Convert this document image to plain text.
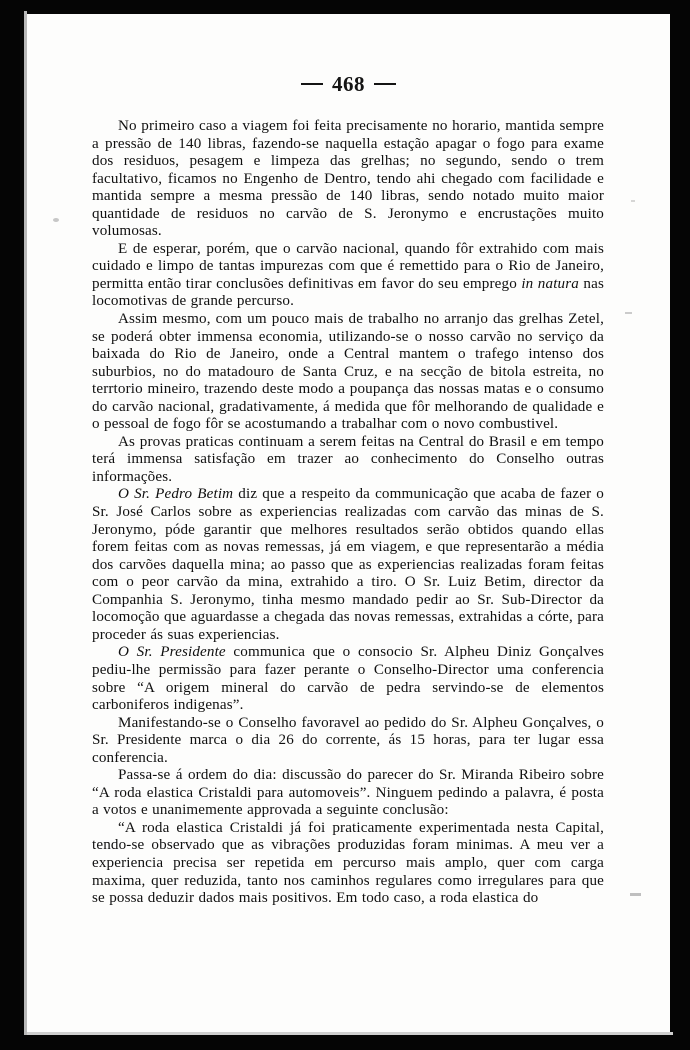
468

No primeiro caso a viagem foi feita precisamente no horario, mantida sempre a pressão de 140 libras, fazendo-se naquella estação apagar o fogo para exame dos residuos, pesagem e limpeza das grelhas; no segundo, sendo o trem facultativo, ficamos no Engenho de Dentro, tendo ahi chegado com facilidade e mantida sempre a mesma pressão de 140 libras, sendo notado muito maior quantidade de residuos no carvão de S. Jeronymo e encrustações muito volumosas.

E de esperar, porém, que o carvão nacional, quando fôr extrahido com mais cuidado e limpo de tantas impurezas com que é remettido para o Rio de Janeiro, permitta então tirar conclusões definitivas em favor do seu emprego in natura nas locomotivas de grande percurso.

Assim mesmo, com um pouco mais de trabalho no arranjo das grelhas Zetel, se poderá obter immensa economia, utilizando-se o nosso carvão no serviço da baixada do Rio de Janeiro, onde a Central mantem o trafego intenso dos suburbios, no do matadouro de Santa Cruz, e na secção de bitola estreita, no terrtorio mineiro, trazendo deste modo a poupança das nossas matas e o consumo do carvão nacional, gradativamente, á medida que fôr melhorando de qualidade e o pessoal de fogo fôr se acostumando a trabalhar com o novo combustivel.

As provas praticas continuam a serem feitas na Central do Brasil e em tempo terá immensa satisfação em trazer ao conhecimento do Conselho outras informações.

O Sr. Pedro Betim diz que a respeito da communicação que acaba de fazer o Sr. José Carlos sobre as experiencias realizadas com carvão das minas de S. Jeronymo, póde garantir que melhores resultados serão obtidos quando ellas forem feitas com as novas remessas, já em viagem, e que representarão a média dos carvões daquella mina; ao passo que as experiencias realizadas foram feitas com o peor carvão da mina, extrahido a tiro. O Sr. Luiz Betim, director da Companhia S. Jeronymo, tinha mesmo mandado pedir ao Sr. Sub-Director da locomoção que aguardasse a chegada das novas remessas, extrahidas a córte, para proceder ás suas experiencias.

O Sr. Presidente communica que o consocio Sr. Alpheu Diniz Gonçalves pediu-lhe permissão para fazer perante o Conselho-Director uma conferencia sobre “A origem mineral do carvão de pedra servindo-se de elementos carboniferos indigenas”.

Manifestando-se o Conselho favoravel ao pedido do Sr. Alpheu Gonçalves, o Sr. Presidente marca o dia 26 do corrente, ás 15 horas, para ter lugar essa conferencia.

Passa-se á ordem do dia: discussão do parecer do Sr. Miranda Ribeiro sobre “A roda elastica Cristaldi para automoveis”. Ninguem pedindo a palavra, é posta a votos e unanimemente approvada a seguinte conclusão:

“A roda elastica Cristaldi já foi praticamente experimentada nesta Capital, tendo-se observado que as vibrações produzidas foram minimas. A meu ver a experiencia precisa ser repetida em percurso mais amplo, quer com carga maxima, quer reduzida, tanto nos caminhos regulares como irregulares para que se possa deduzir dados mais positivos. Em todo caso, a roda elastica do
